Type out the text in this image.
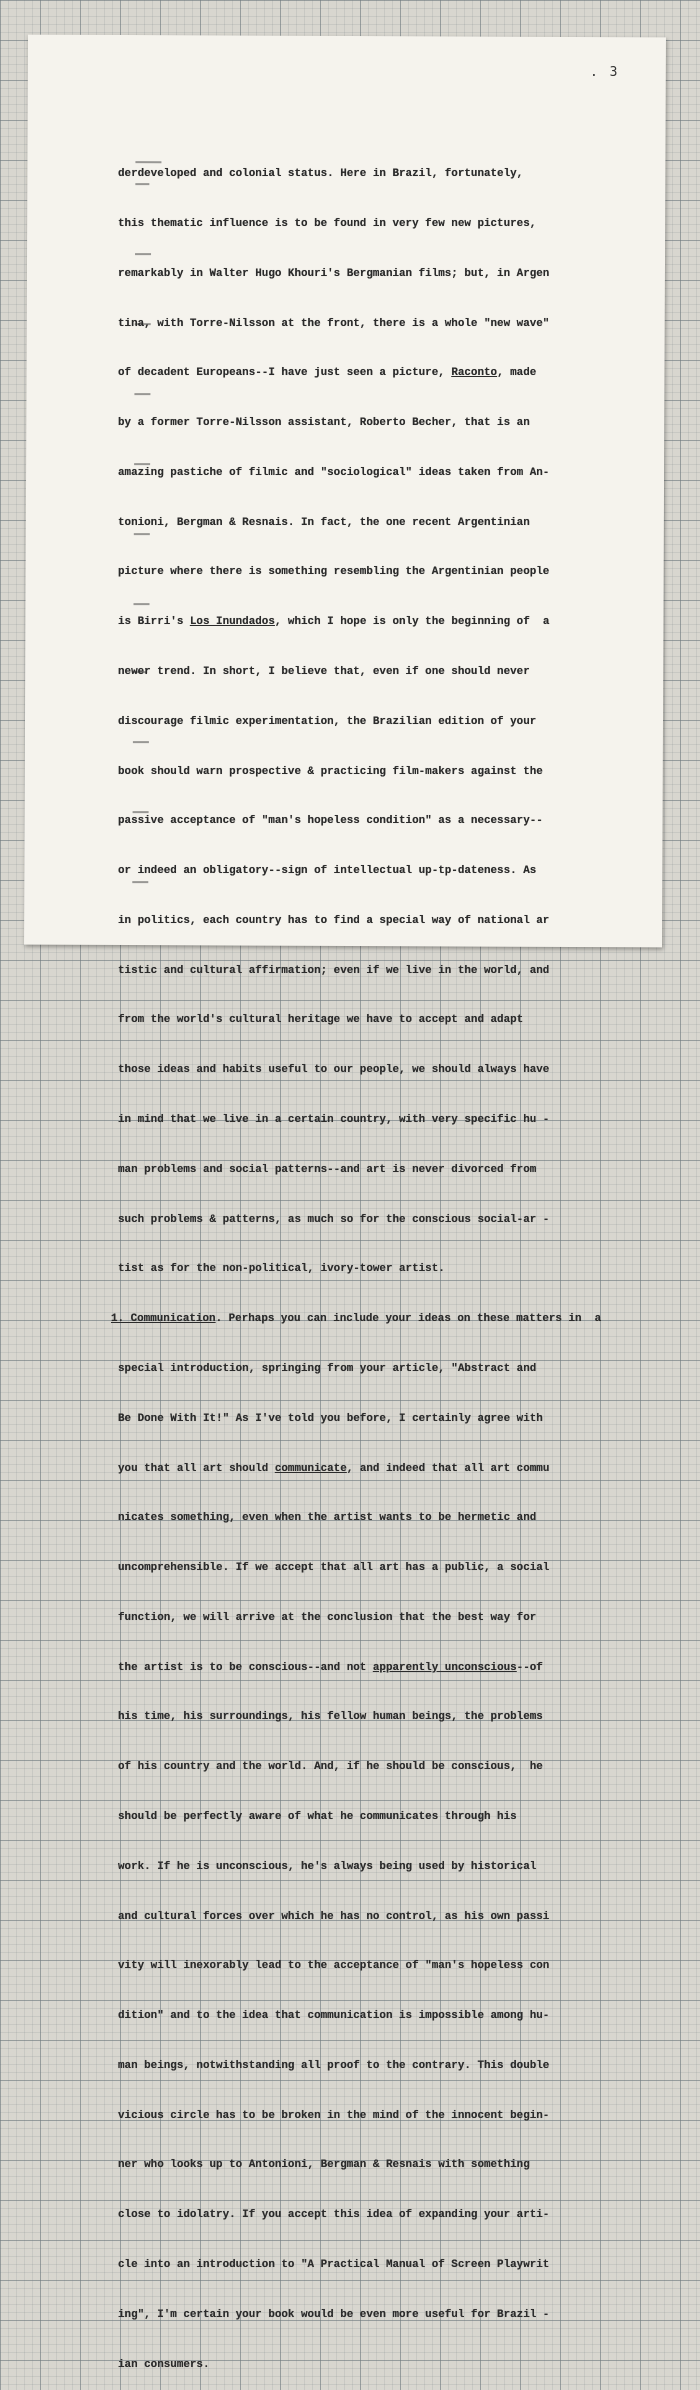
. 3

derdeveloped and colonial status. Here in Brazil, fortunately,

this thematic influence is to be found in very few new pictures,

remarkably in Walter Hugo Khouri's Bergmanian films; but, in Argen

tina, with Torre-Nilsson at the front, there is a whole "new wave"

of decadent Europeans--I have just seen a picture, Raconto, made

by a former Torre-Nilsson assistant, Roberto Becher, that is an

amazing pastiche of filmic and "sociological" ideas taken from An-

tonioni, Bergman & Resnais. In fact, the one recent Argentinian

picture where there is something resembling the Argentinian people

is Birri's Los Inundados, which I hope is only the beginning of  a

newer trend. In short, I believe that, even if one should never

discourage filmic experimentation, the Brazilian edition of your

book should warn prospective & practicing film-makers against the

passive acceptance of "man's hopeless condition" as a necessary--

or indeed an obligatory--sign of intellectual up-tp-dateness. As

in politics, each country has to find a special way of national ar

tistic and cultural affirmation; even if we live in the world, and

from the world's cultural heritage we have to accept and adapt

those ideas and habits useful to our people, we should always have

in mind that we live in a certain country, with very specific hu -

man problems and social patterns--and art is never divorced from

such problems & patterns, as much so for the conscious social-ar -

tist as for the non-political, ivory-tower artist.

1. Communication. Perhaps you can include your ideas on these matters in  a

special introduction, springing from your article, "Abstract and

Be Done With It!" As I've told you before, I certainly agree with

you that all art should communicate, and indeed that all art commu

nicates something, even when the artist wants to be hermetic and

uncomprehensible. If we accept that all art has a public, a social

function, we will arrive at the conclusion that the best way for

the artist is to be conscious--and not apparently unconscious--of

his time, his surroundings, his fellow human beings, the problems

of his country and the world. And, if he should be conscious,  he

should be perfectly aware of what he communicates through his

work. If he is unconscious, he's always being used by historical

and cultural forces over which he has no control, as his own passi

vity will inexorably lead to the acceptance of "man's hopeless con

dition" and to the idea that communication is impossible among hu-

man beings, notwithstanding all proof to the contrary. This double

vicious circle has to be broken in the mind of the innocent begin-

ner who looks up to Antonioni, Bergman & Resnais with something

close to idolatry. If you accept this idea of expanding your arti-

cle into an introduction to "A Practical Manual of Screen Playwrit

ing", I'm certain your book would be even more useful for Brazil -

ian consumers.
